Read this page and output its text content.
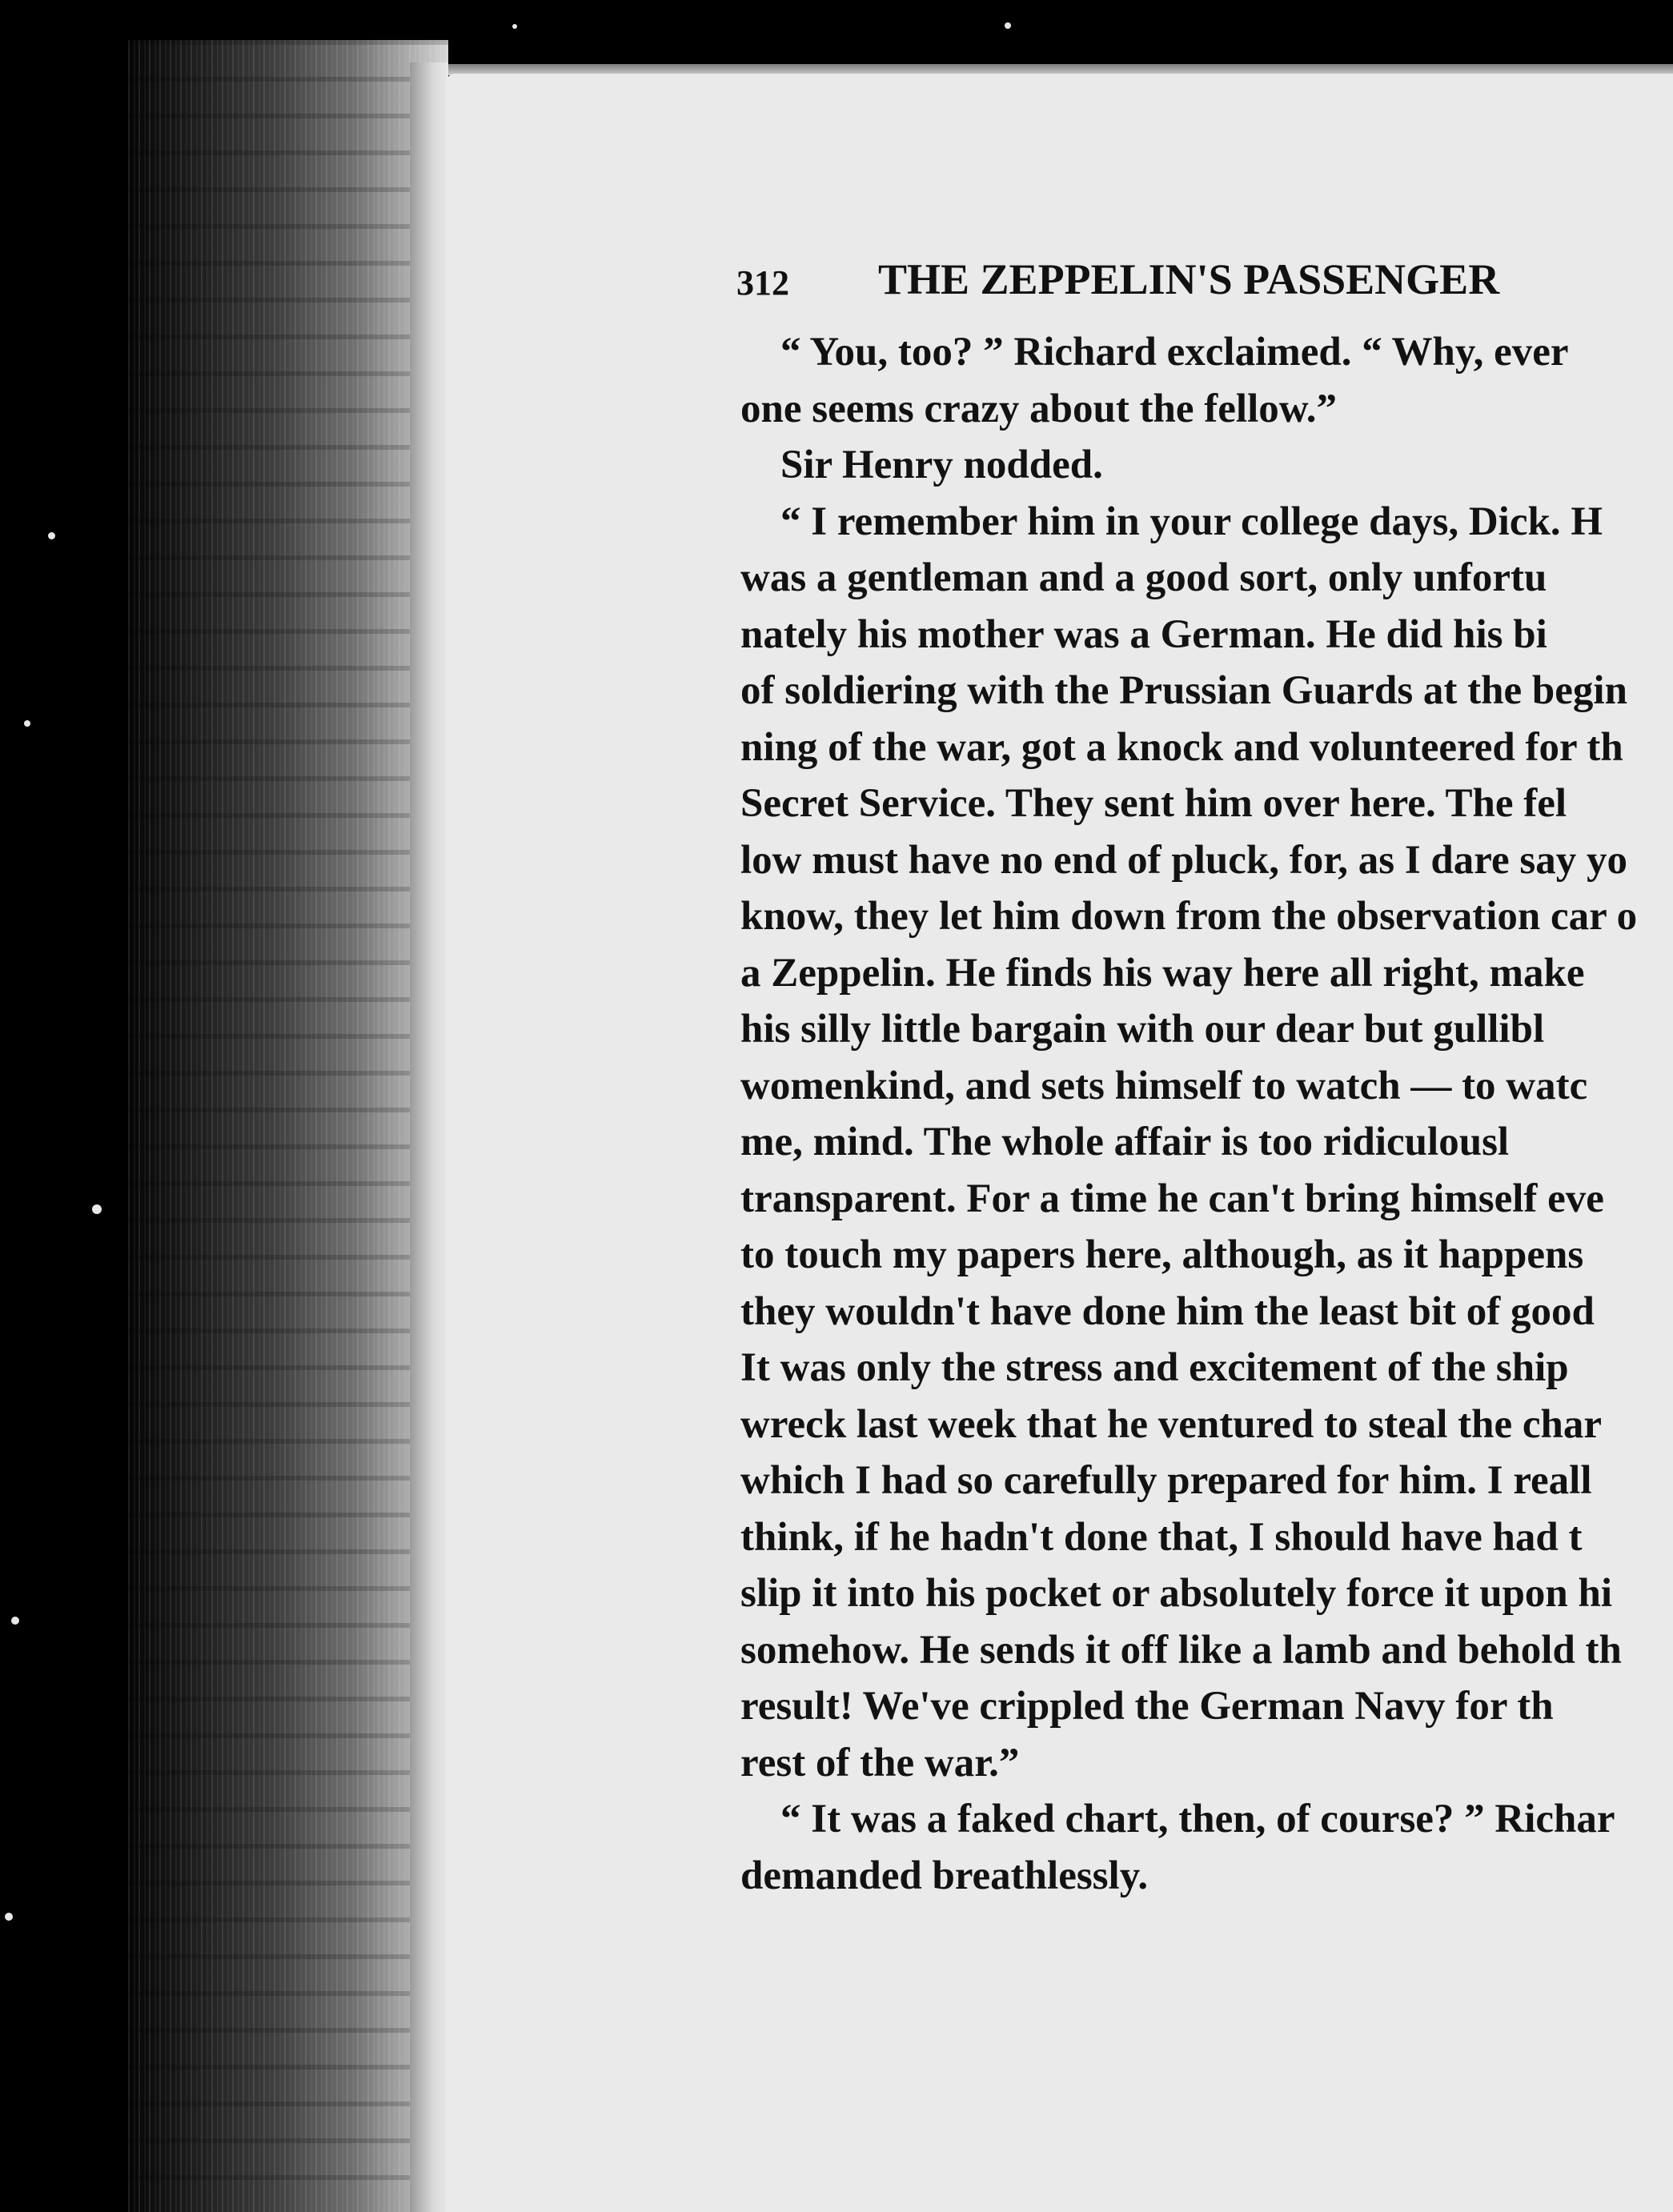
312 THE ZEPPELIN'S PASSENGER
“ You, too? ” Richard exclaimed. “ Why, ever
one seems crazy about the fellow.”
Sir Henry nodded.
“ I remember him in your college days, Dick. H
was a gentleman and a good sort, only unfortu
nately his mother was a German. He did his bi
of soldiering with the Prussian Guards at the begin
ning of the war, got a knock and volunteered for th
Secret Service. They sent him over here. The fel
low must have no end of pluck, for, as I dare say yo
know, they let him down from the observation car o
a Zeppelin. He finds his way here all right, make
his silly little bargain with our dear but gullibl
womenkind, and sets himself to watch — to watc
me, mind. The whole affair is too ridiculousl
transparent. For a time he can't bring himself eve
to touch my papers here, although, as it happens
they wouldn't have done him the least bit of good
It was only the stress and excitement of the ship
wreck last week that he ventured to steal the char
which I had so carefully prepared for him. I reall
think, if he hadn't done that, I should have had t
slip it into his pocket or absolutely force it upon hi
somehow. He sends it off like a lamb and behold th
result! We've crippled the German Navy for th
rest of the war.”
“ It was a faked chart, then, of course? ” Richar
demanded breathlessly.
